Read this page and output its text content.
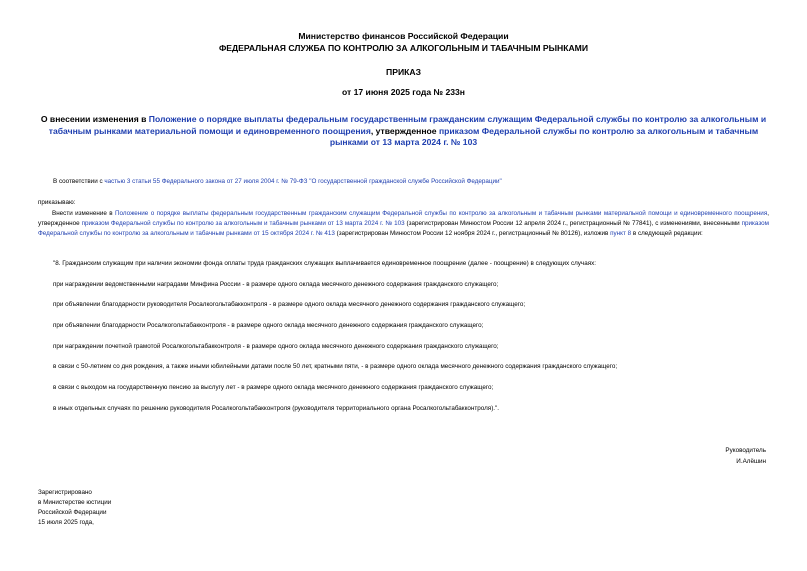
Министерство финансов Российской Федерации
ФЕДЕРАЛЬНАЯ СЛУЖБА ПО КОНТРОЛЮ ЗА АЛКОГОЛЬНЫМ И ТАБАЧНЫМ РЫНКАМИ
ПРИКАЗ
от 17 июня 2025 года № 233н
О внесении изменения в Положение о порядке выплаты федеральным государственным гражданским служащим Федеральной службы по контролю за алкогольным и табачным рынками материальной помощи и единовременного поощрения, утвержденное приказом Федеральной службы по контролю за алкогольным и табачным рынками от 13 марта 2024 г. № 103
В соответствии с частью 3 статьи 55 Федерального закона от 27 июля 2004 г. № 79-ФЗ "О государственной гражданской службе Российской Федерации"
приказываю:
Внести изменение в Положение о порядке выплаты федеральным государственным гражданским служащим Федеральной службы по контролю за алкогольным и табачным рынками материальной помощи и единовременного поощрения, утвержденное приказом Федеральной службы по контролю за алкогольным и табачным рынками от 13 марта 2024 г. № 103 (зарегистрирован Минюстом России 12 апреля 2024 г., регистрационный № 77841), с изменениями, внесенными приказом Федеральной службы по контролю за алкогольным и табачным рынками от 15 октября 2024 г. № 413 (зарегистрирован Минюстом России 12 ноября 2024 г., регистрационный № 80126), изложив пункт 8 в следующей редакции:
"8. Гражданским служащим при наличии экономии фонда оплаты труда гражданских служащих выплачивается единовременное поощрение (далее - поощрение) в следующих случаях:
при награждении ведомственными наградами Минфина России - в размере одного оклада месячного денежного содержания гражданского служащего;
при объявлении благодарности руководителя Росалкогольтабакконтроля - в размере одного оклада месячного денежного содержания гражданского служащего;
при объявлении благодарности Росалкогольтабакконтроля - в размере одного оклада месячного денежного содержания гражданского служащего;
при награждении почетной грамотой Росалкогольтабакконтроля - в размере одного оклада месячного денежного содержания гражданского служащего;
в связи с 50-летием со дня рождения, а также иными юбилейными датами после 50 лет, кратными пяти, - в размере одного оклада месячного денежного содержания гражданского служащего;
в связи с выходом на государственную пенсию за выслугу лет - в размере одного оклада месячного денежного содержания гражданского служащего;
в иных отдельных случаях по решению руководителя Росалкогольтабакконтроля (руководителя территориального органа Росалкогольтабакконтроля).".
Руководитель
И.Алёшин
Зарегистрировано
в Министерстве юстиции
Российской Федерации
15 июля 2025 года,
